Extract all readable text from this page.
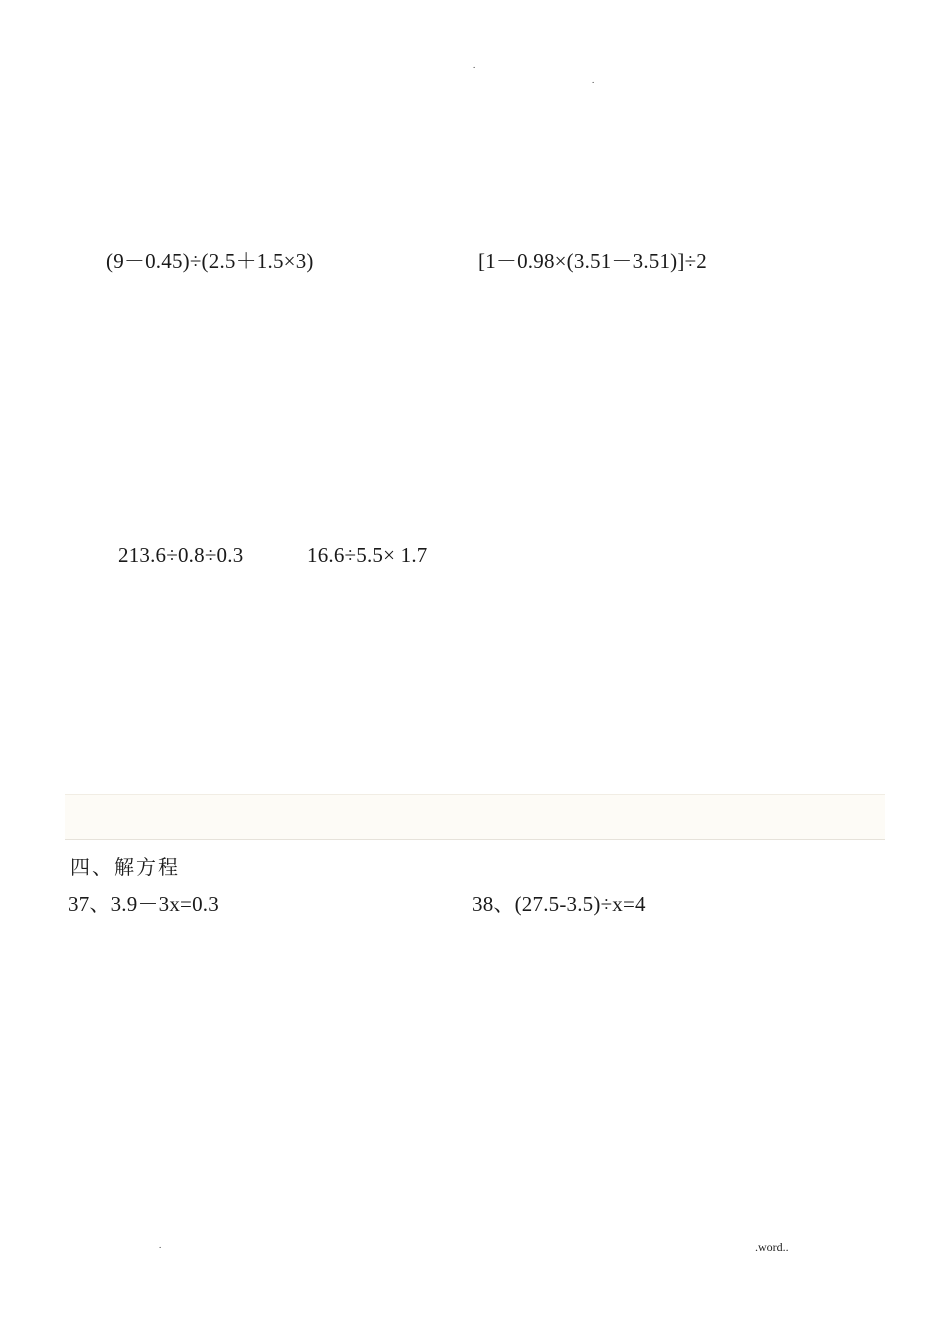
.
.
(9－0.45)÷(2.5＋1.5×3)	[1－0.98×(3.51－3.51)]÷2
213.6÷0.8÷0.3	16.6÷5.5× 1.7
四、解方程
37、3.9－3x=0.3	38、(27.5-3.5)÷x=4
.	.word..
